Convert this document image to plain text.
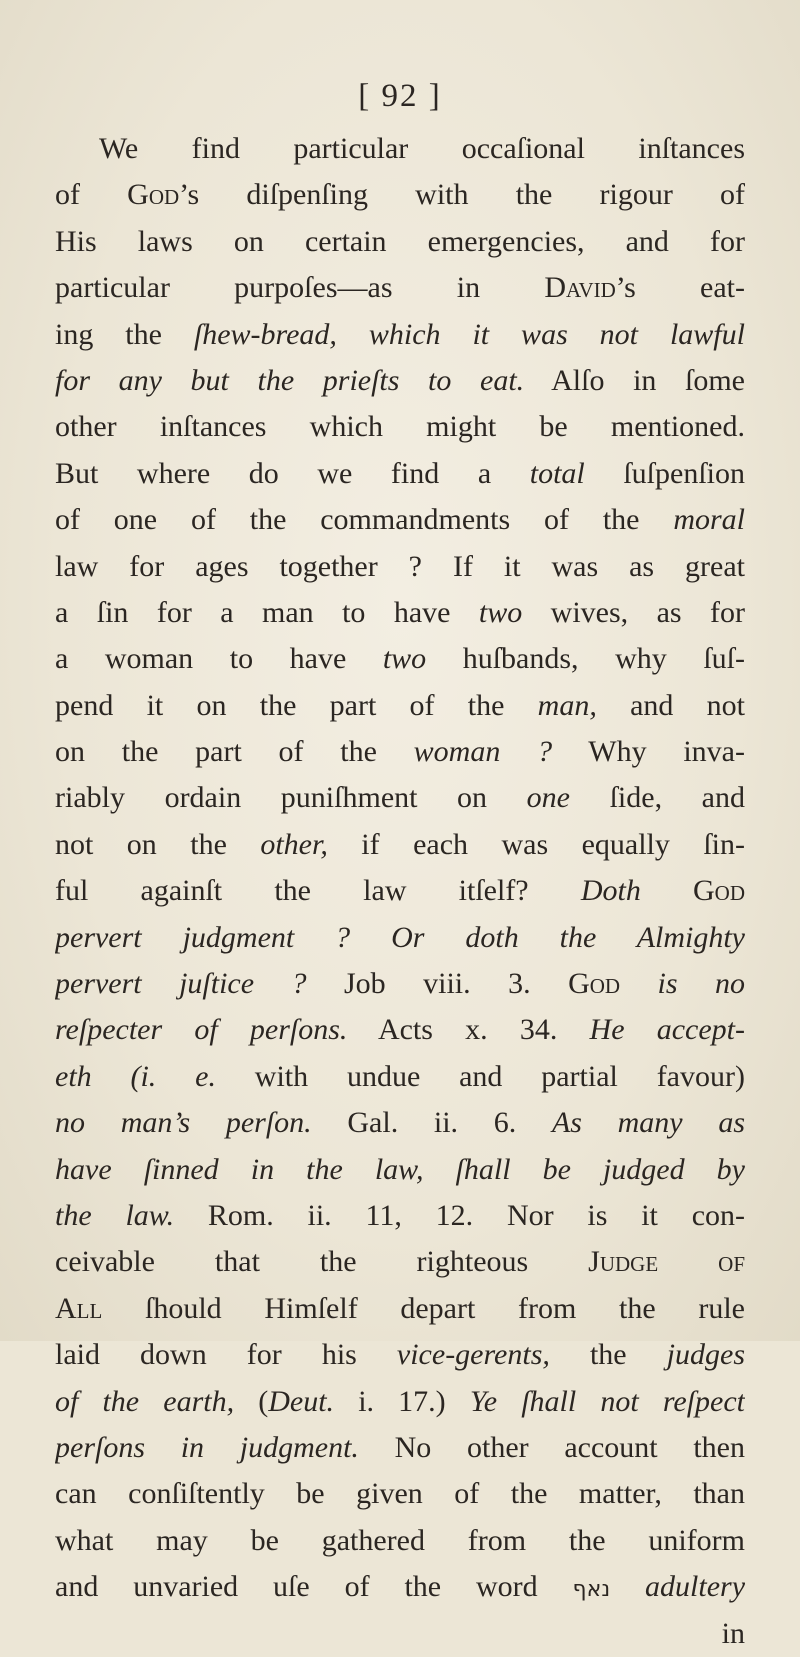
[ 92 ]
We find particular occaſional inſtances
of God’s diſpenſing with the rigour of
His laws on certain emergencies, and for
particular purpoſes—as in David’s eat-
ing the ſhew-bread, which it was not lawful
for any but the prieſts to eat. Alſo in ſome
other inſtances which might be mentioned.
But where do we find a total ſuſpenſion
of one of the commandments of the moral
law for ages together ? If it was as great
a ſin for a man to have two wives, as for
a woman to have two huſbands, why ſuſ-
pend it on the part of the man, and not
on the part of the woman ? Why inva-
riably ordain puniſhment on one ſide, and
not on the other, if each was equally ſin-
ful againſt the law itſelf? Doth God
pervert judgment ? Or doth the Almighty
pervert juſtice ? Job viii. 3. God is no
reſpecter of perſons. Acts x. 34. He accept-
eth (i. e. with undue and partial favour)
no man’s perſon. Gal. ii. 6. As many as
have ſinned in the law, ſhall be judged by
the law. Rom. ii. 11, 12. Nor is it con-
ceivable that the righteous Judge of
All ſhould Himſelf depart from the rule
laid down for his vice-gerents, the judges
of the earth, (Deut. i. 17.) Ye ſhall not reſpect
perſons in judgment. No other account then
can conſiſtently be given of the matter, than
what may be gathered from the uniform
and unvaried uſe of the word נאף adultery
in
